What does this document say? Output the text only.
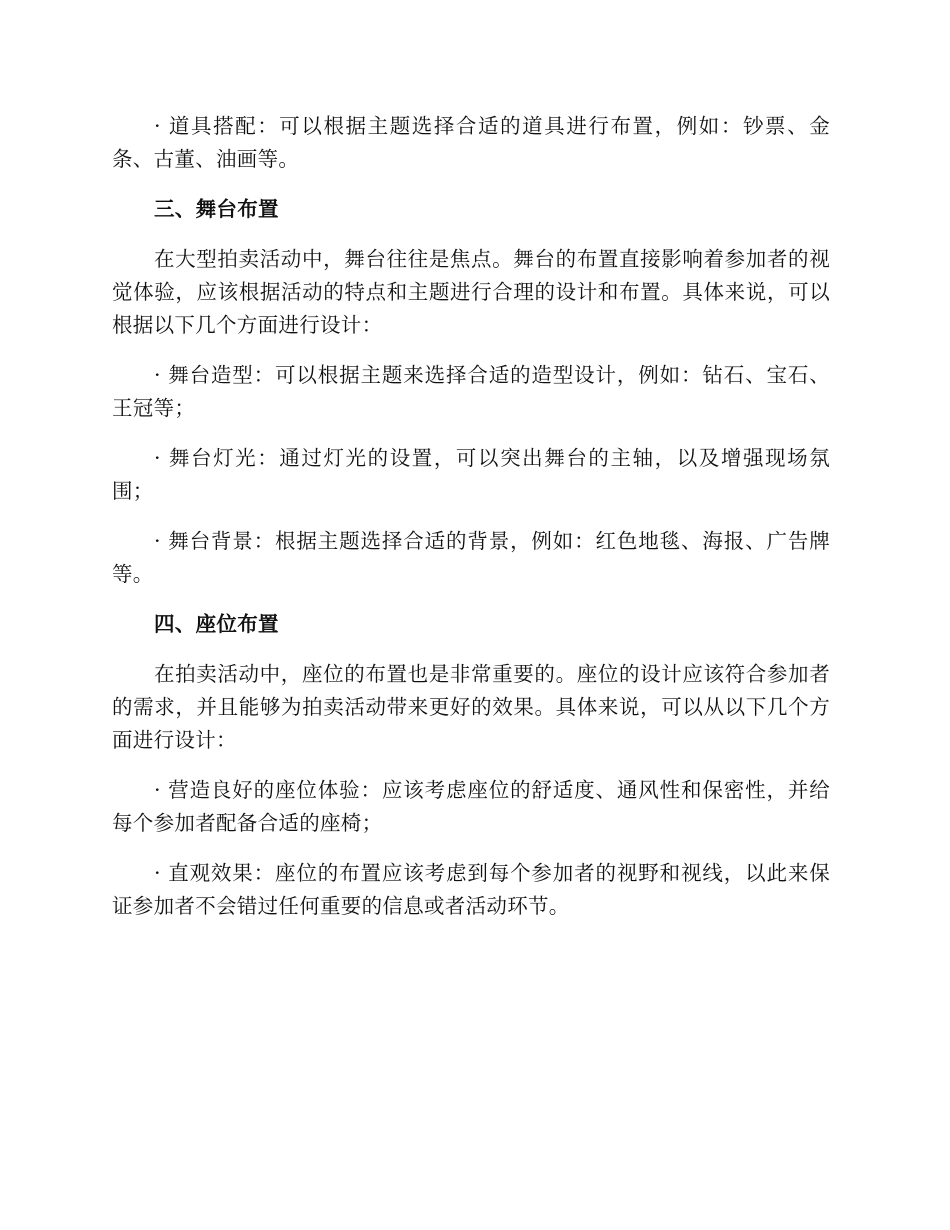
· 道具搭配：可以根据主题选择合适的道具进行布置，例如：钞票、金条、古董、油画等。

三、舞台布置

在大型拍卖活动中，舞台往往是焦点。舞台的布置直接影响着参加者的视觉体验，应该根据活动的特点和主题进行合理的设计和布置。具体来说，可以根据以下几个方面进行设计：

· 舞台造型：可以根据主题来选择合适的造型设计，例如：钻石、宝石、王冠等；

· 舞台灯光：通过灯光的设置，可以突出舞台的主轴，以及增强现场氛围；

· 舞台背景：根据主题选择合适的背景，例如：红色地毯、海报、广告牌等。

四、座位布置

在拍卖活动中，座位的布置也是非常重要的。座位的设计应该符合参加者的需求，并且能够为拍卖活动带来更好的效果。具体来说，可以从以下几个方面进行设计：

· 营造良好的座位体验：应该考虑座位的舒适度、通风性和保密性，并给每个参加者配备合适的座椅；

· 直观效果：座位的布置应该考虑到每个参加者的视野和视线，以此来保证参加者不会错过任何重要的信息或者活动环节。
